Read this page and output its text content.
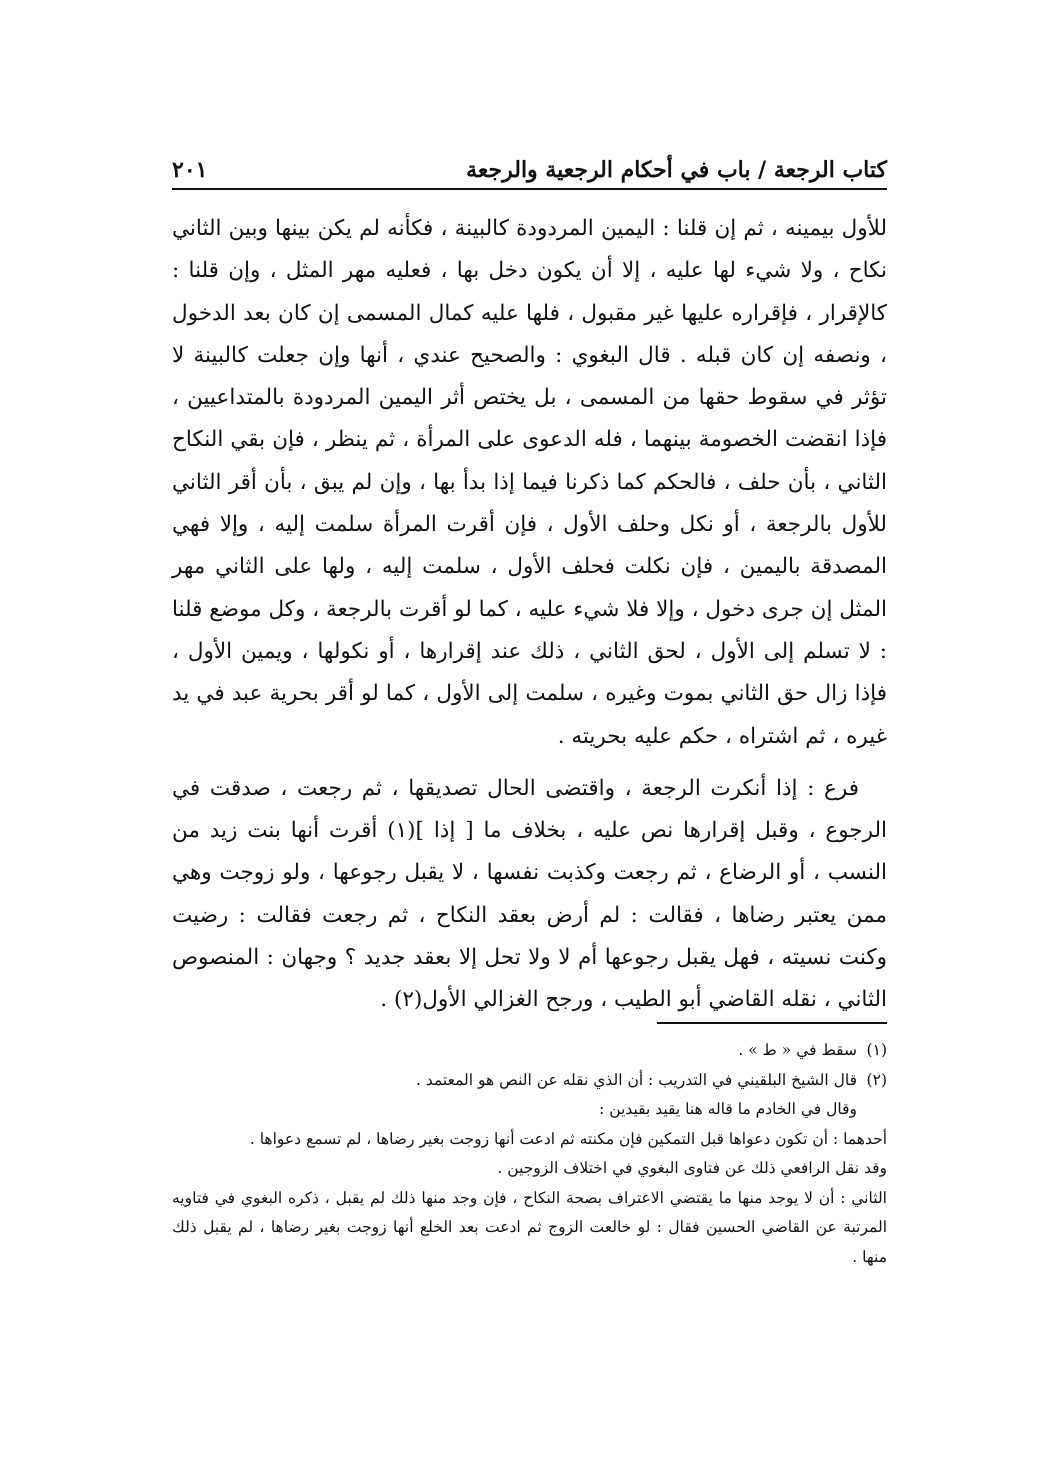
كتاب الرجعة / باب في أحكام الرجعية والرجعة
٢٠١

للأول بيمينه ، ثم إن قلنا : اليمين المردودة كالبينة ، فكأنه لم يكن بينها وبين الثاني نكاح ، ولا شيء لها عليه ، إلا أن يكون دخل بها ، فعليه مهر المثل ، وإن قلنا : كالإقرار ، فإقراره عليها غير مقبول ، فلها عليه كمال المسمى إن كان بعد الدخول ، ونصفه إن كان قبله . قال البغوي : والصحيح عندي ، أنها وإن جعلت كالبينة لا تؤثر في سقوط حقها من المسمى ، بل يختص أثر اليمين المردودة بالمتداعيين ، فإذا انقضت الخصومة بينهما ، فله الدعوى على المرأة ، ثم ينظر ، فإن بقي النكاح الثاني ، بأن حلف ، فالحكم كما ذكرنا فيما إذا بدأ بها ، وإن لم يبق ، بأن أقر الثاني للأول بالرجعة ، أو نكل وحلف الأول ، فإن أقرت المرأة سلمت إليه ، وإلا فهي المصدقة باليمين ، فإن نكلت فحلف الأول ، سلمت إليه ، ولها على الثاني مهر المثل إن جرى دخول ، وإلا فلا شيء عليه ، كما لو أقرت بالرجعة ، وكل موضع قلنا : لا تسلم إلى الأول ، لحق الثاني ، ذلك عند إقرارها ، أو نكولها ، ويمين الأول ، فإذا زال حق الثاني بموت وغيره ، سلمت إلى الأول ، كما لو أقر بحرية عبد في يد غيره ، ثم اشتراه ، حكم عليه بحريته .

فرع : إذا أنكرت الرجعة ، واقتضى الحال تصديقها ، ثم رجعت ، صدقت في الرجوع ، وقبل إقرارها نص عليه ، بخلاف ما [ إذا ](١) أقرت أنها بنت زيد من النسب ، أو الرضاع ، ثم رجعت وكذبت نفسها ، لا يقبل رجوعها ، ولو زوجت وهي ممن يعتبر رضاها ، فقالت : لم أرض بعقد النكاح ، ثم رجعت فقالت : رضيت وكنت نسيته ، فهل يقبل رجوعها أم لا ولا تحل إلا بعقد جديد ؟ وجهان : المنصوص الثاني ، نقله القاضي أبو الطيب ، ورجح الغزالي الأول(٢) .

(١)سقط في « ط » .

(٢)قال الشيخ البلقيني في التدريب : أن الذي نقله عن النص هو المعتمد .

وقال في الخادم ما قاله هنا يقيد بقيدين :

أحدهما : أن تكون دعواها قبل التمكين فإن مكنته ثم ادعت أنها زوجت بغير رضاها ، لم تسمع دعواها .

وقد نقل الرافعي ذلك عن فتاوى البغوي في اختلاف الزوجين .

الثاني : أن لا يوجد منها ما يقتضي الاعتراف بصحة النكاح ، فإن وجد منها ذلك لم يقبل ، ذكره البغوي في فتاويه المرتبة عن القاضي الحسين فقال : لو خالعت الزوج ثم ادعت بعد الخلع أنها زوجت بغير رضاها ، لم يقبل ذلك منها .
